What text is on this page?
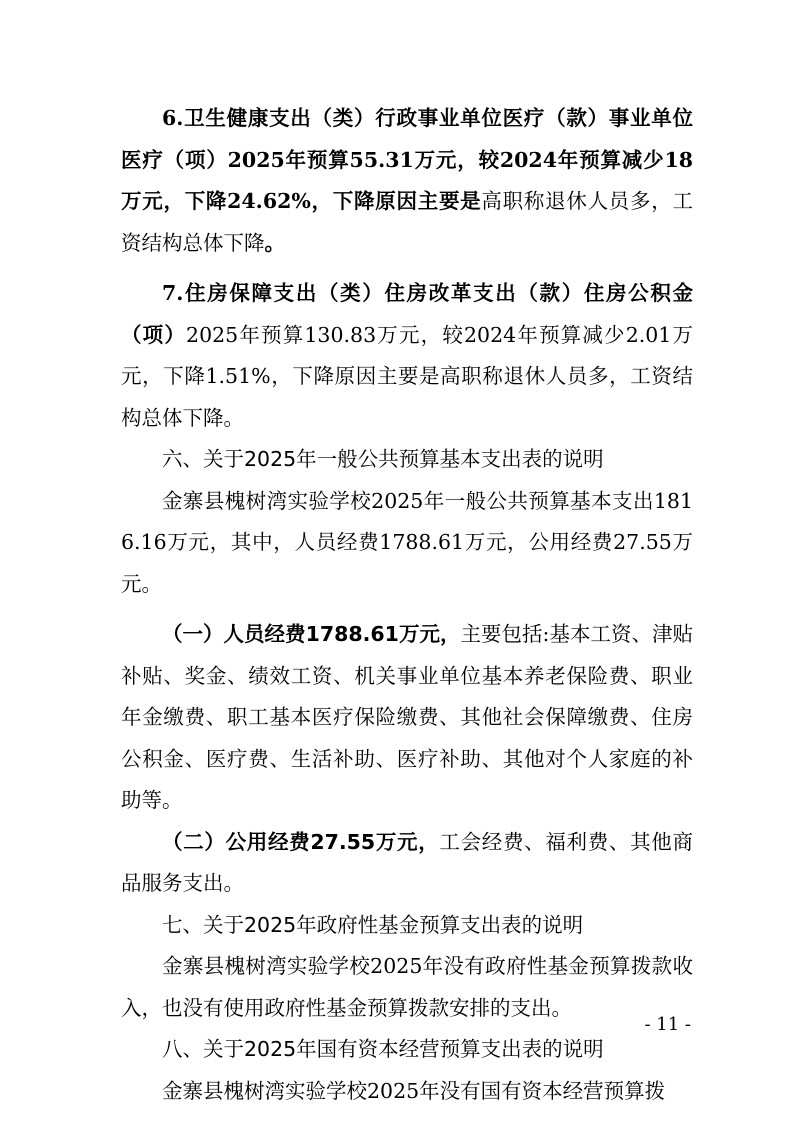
6.卫生健康支出（类）行政事业单位医疗（款）事业单位医疗（项）2025年预算55.31万元，较2024年预算减少18万元，下降24.62%，下降原因主要是高职称退休人员多，工资结构总体下降。

7.住房保障支出（类）住房改革支出（款）住房公积金（项）2025年预算130.83万元，较2024年预算减少2.01万元，下降1.51%，下降原因主要是高职称退休人员多，工资结构总体下降。

六、关于2025年一般公共预算基本支出表的说明

金寨县槐树湾实验学校2025年一般公共预算基本支出1816.16万元，其中，人员经费1788.61万元，公用经费27.55万元。

（一）人员经费1788.61万元，主要包括:基本工资、津贴补贴、奖金、绩效工资、机关事业单位基本养老保险费、职业年金缴费、职工基本医疗保险缴费、其他社会保障缴费、住房公积金、医疗费、生活补助、医疗补助、其他对个人家庭的补助等。

（二）公用经费27.55万元，工会经费、福利费、其他商品服务支出。

七、关于2025年政府性基金预算支出表的说明

金寨县槐树湾实验学校2025年没有政府性基金预算拨款收入，也没有使用政府性基金预算拨款安排的支出。

八、关于2025年国有资本经营预算支出表的说明

金寨县槐树湾实验学校2025年没有国有资本经营预算拨

- 11 -
